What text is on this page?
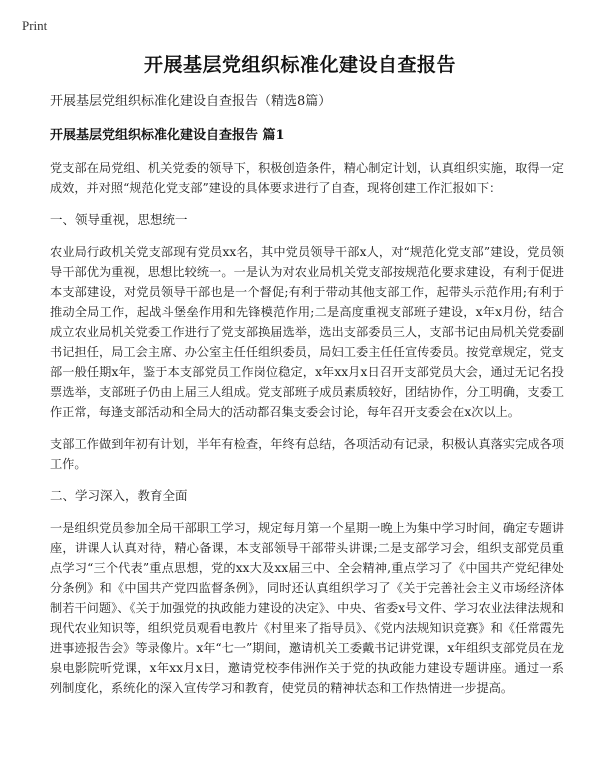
Print
开展基层党组织标准化建设自查报告

开展基层党组织标准化建设自查报告（精选8篇）

开展基层党组织标准化建设自查报告 篇1

党支部在局党组、机关党委的领导下，积极创造条件，精心制定计划，认真组织实施，取得一定成效，并对照“规范化党支部”建设的具体要求进行了自查，现将创建工作汇报如下：

一、领导重视，思想统一

农业局行政机关党支部现有党员xx名，其中党员领导干部x人，对“规范化党支部”建设，党员领导干部优为重视，思想比较统一。一是认为对农业局机关党支部按规范化要求建设，有利于促进本支部建设，对党员领导干部也是一个督促;有利于带动其他支部工作，起带头示范作用;有利于推动全局工作，起战斗堡垒作用和先锋模范作用;二是高度重视支部班子建设，x年x月份，结合成立农业局机关党委工作进行了党支部换届选举，选出支部委员三人，支部书记由局机关党委副书记担任，局工会主席、办公室主任任组织委员，局妇工委主任任宣传委员。按党章规定，党支部一般任期x年，鉴于本支部党员工作岗位稳定，x年xx月x日召开支部党员大会，通过无记名投票选举，支部班子仍由上届三人组成。党支部班子成员素质较好，团结协作，分工明确，支委工作正常，每逢支部活动和全局大的活动都召集支委会讨论，每年召开支委会在x次以上。

支部工作做到年初有计划，半年有检查，年终有总结，各项活动有记录，积极认真落实完成各项工作。

二、学习深入，教育全面

一是组织党员参加全局干部职工学习，规定每月第一个星期一晚上为集中学习时间，确定专题讲座，讲课人认真对待，精心备课，本支部领导干部带头讲课;二是支部学习会，组织支部党员重点学习“三个代表”重点思想，党的xx大及xx届三中、全会精神,重点学习了《中国共产党纪律处分条例》和《中国共产党四监督条例》，同时还认真组织学习了《关于完善社会主义市场经济体制若干问题》、《关于加强党的执政能力建设的决定》、中央、省委x号文件、学习农业法律法规和现代农业知识等，组织党员观看电教片《村里来了指导员》、《党内法规知识竞赛》和《任常霞先进事迹报告会》等录像片。x年“七一”期间，邀请机关工委戴书记讲党课，x年组织支部党员在龙泉电影院听党课，x年xx月x日，邀请党校李伟洲作关于党的执政能力建设专题讲座。通过一系列制度化，系统化的深入宣传学习和教育，使党员的精神状态和工作热情进一步提高。
